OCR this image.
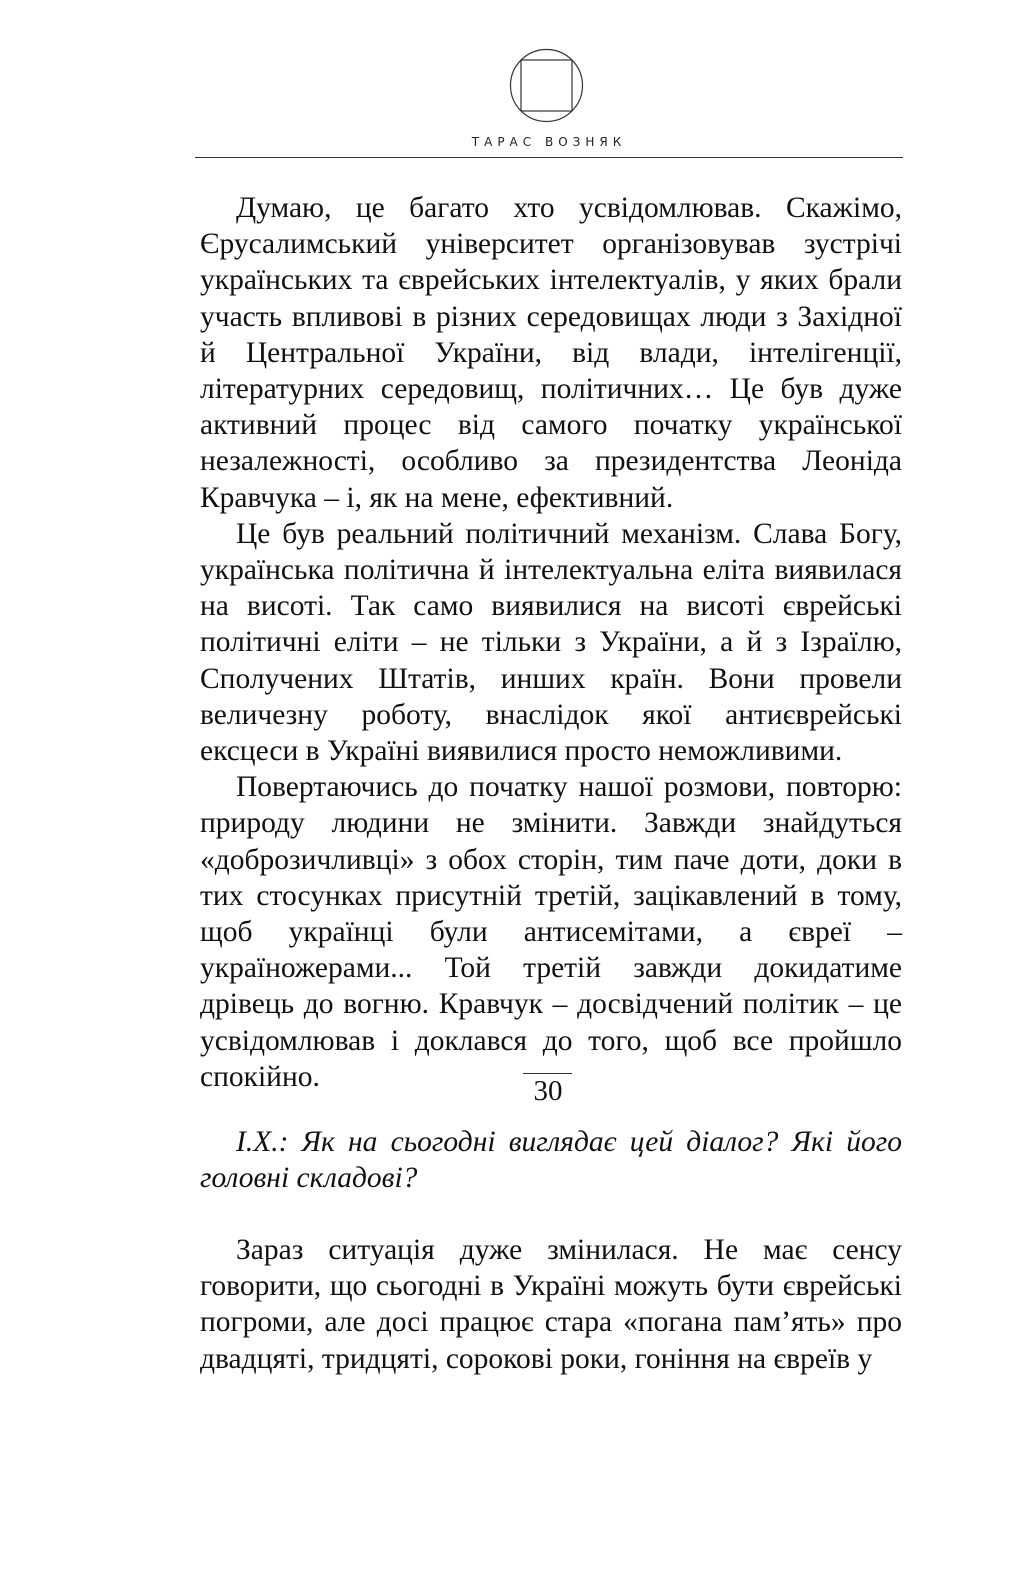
ТАРАС ВОЗНЯК

Думаю, це багато хто усвідомлював. Скажімо, Єрусалимський університет організовував зустрічі українських та єврейських інтелектуалів, у яких брали участь впливові в різних середовищах люди з Західної й Центральної України, від влади, інтелігенції, літературних середовищ, політичних… Це був дуже активний процес від самого початку української незалежності, особливо за президентства Леоніда Кравчука – і, як на мене, ефективний.

Це був реальний політичний механізм. Слава Богу, українська політична й інтелектуальна еліта виявилася на висоті. Так само виявилися на висоті єврейські політичні еліти – не тільки з України, а й з Ізраїлю, Сполучених Штатів, инших країн. Вони провели величезну роботу, внаслідок якої антиєврейські ексцеси в Україні виявилися просто неможливими.

Повертаючись до початку нашої розмови, повторю: природу людини не змінити. Завжди знайдуться «доброзичливці» з обох сторін, тим паче доти, доки в тих стосунках присутній третій, зацікавлений в тому, щоб українці були антисемітами, а євреї – україножерами... Той третій завжди докидатиме дрівець до вогню. Кравчук – досвідчений політик – це усвідомлював і доклався до того, щоб все пройшло спокійно.

І.Х.: Як на сьогодні виглядає цей діалог? Які його головні складові?

Зараз ситуація дуже змінилася. Не має сенсу говорити, що сьогодні в Україні можуть бути єврейські погроми, але досі працює стара «погана пам’ять» про двадцяті, тридцяті, сорокові роки, гоніння на євреїв у

30
